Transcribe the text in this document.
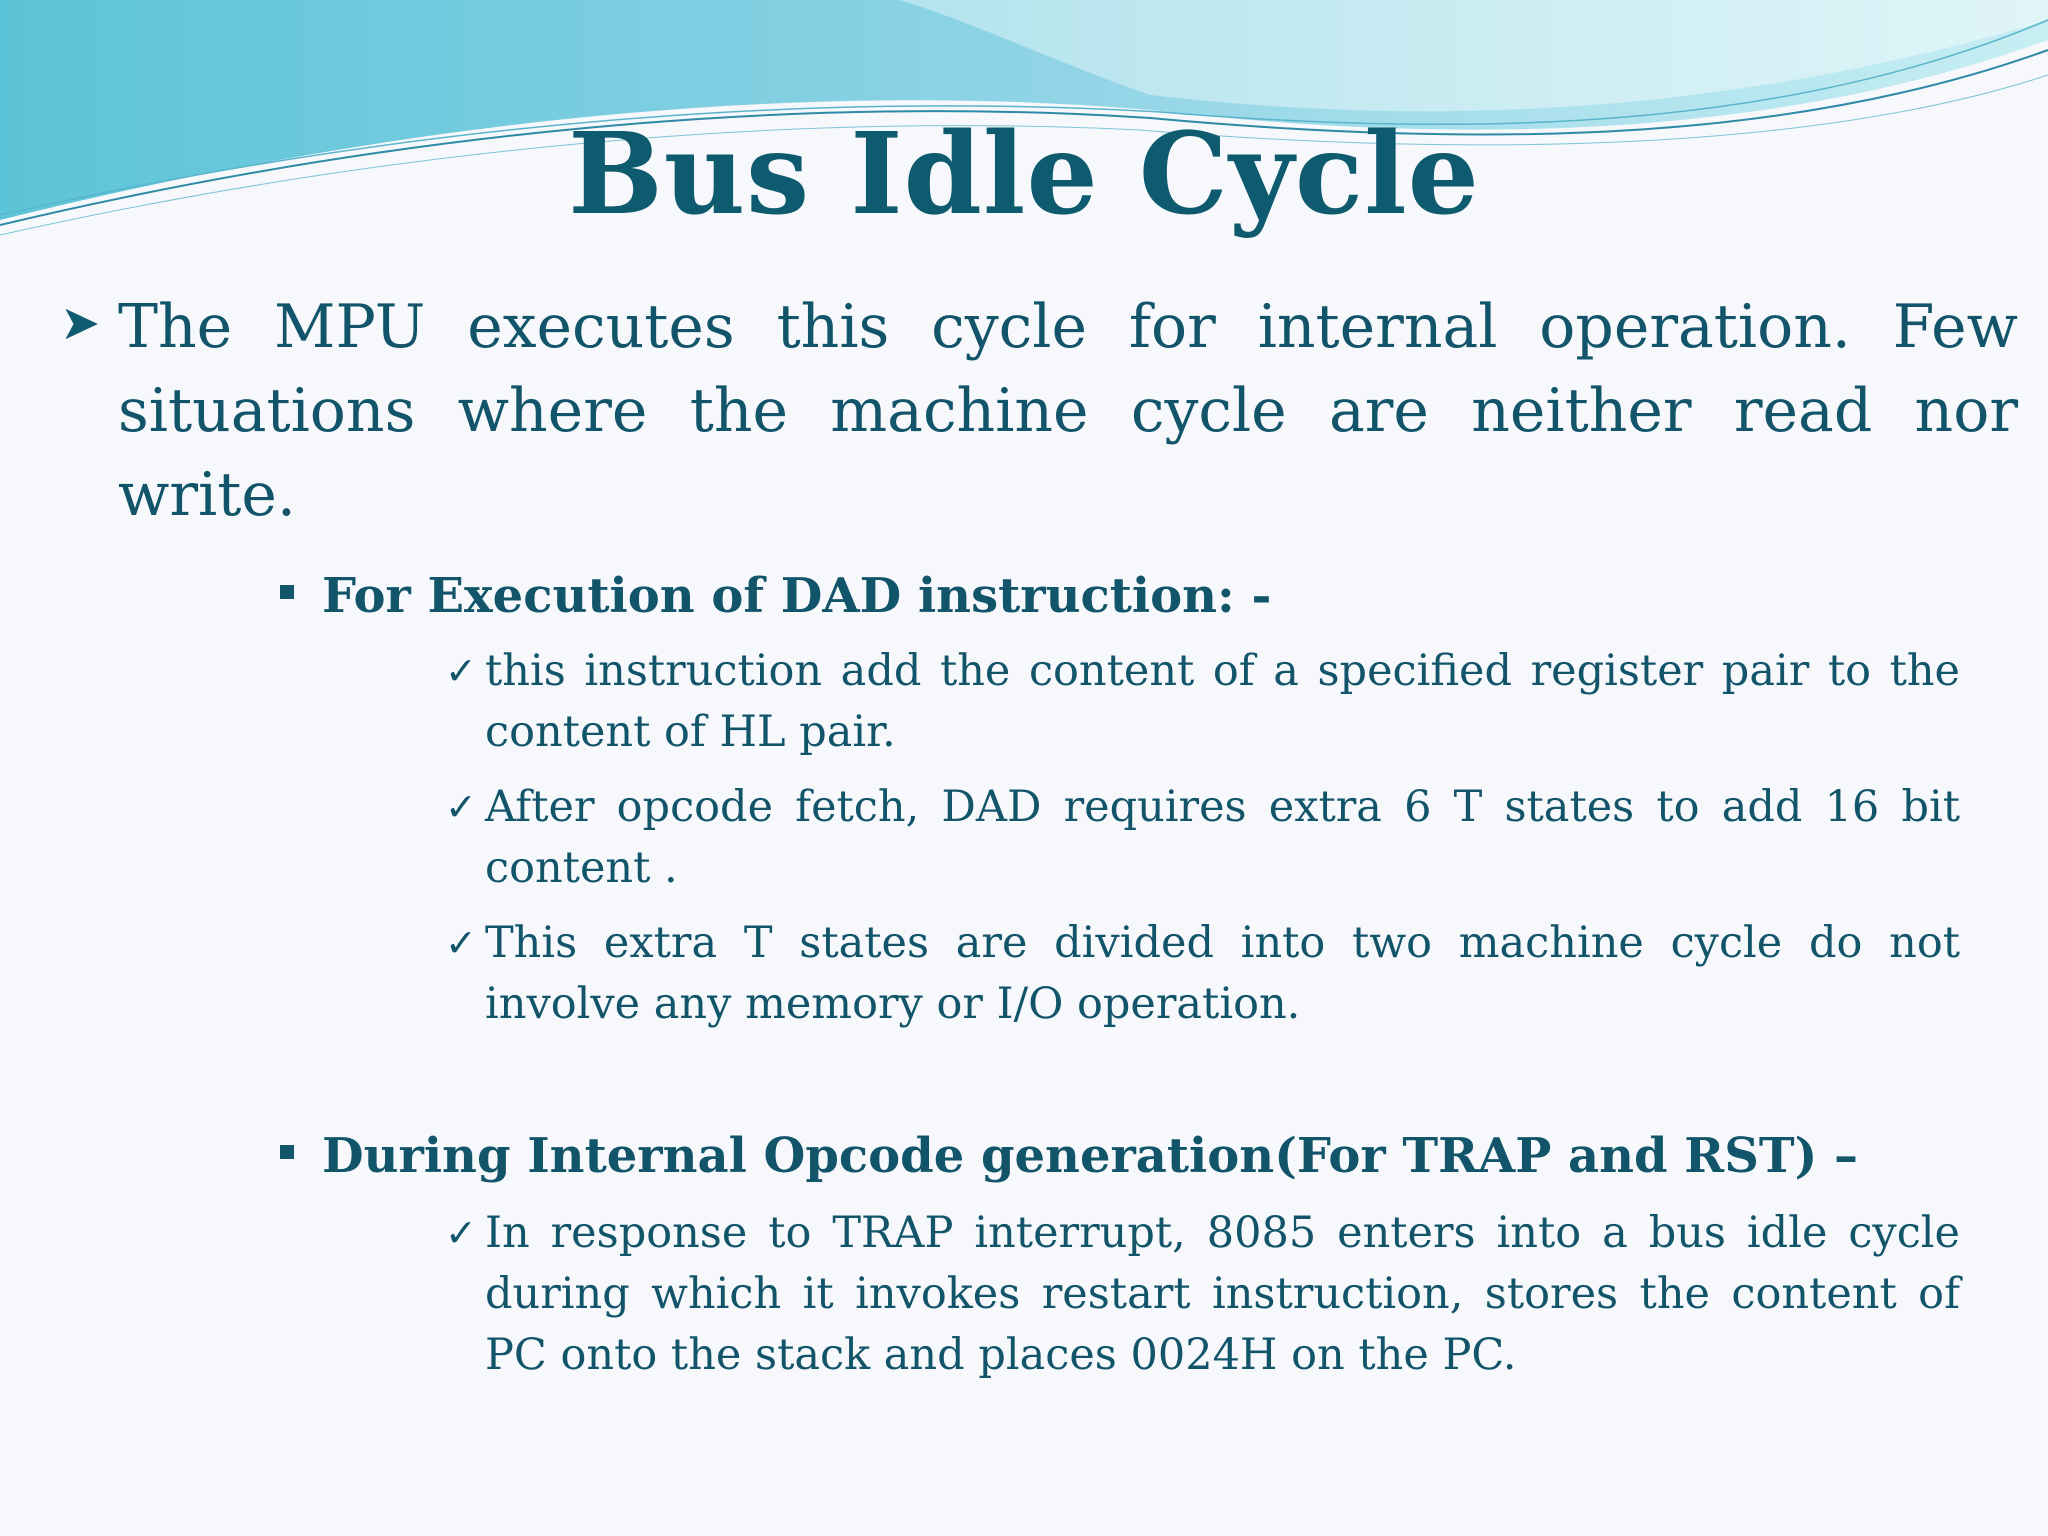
Bus Idle Cycle
➤ The MPU executes this cycle for internal operation. Few situations where the machine cycle are neither read nor write.
For Execution of DAD instruction: -
✓ this instruction add the content of a specified register pair to the content of HL pair.
✓ After opcode fetch, DAD requires extra 6 T states to add 16 bit content .
✓ This extra T states are divided into two machine cycle do not involve any memory or I/O operation.
During Internal Opcode generation(For TRAP and RST) –
✓ In response to TRAP interrupt, 8085 enters into a bus idle cycle during which it invokes restart instruction, stores the content of PC onto the stack and places 0024H on the PC.
